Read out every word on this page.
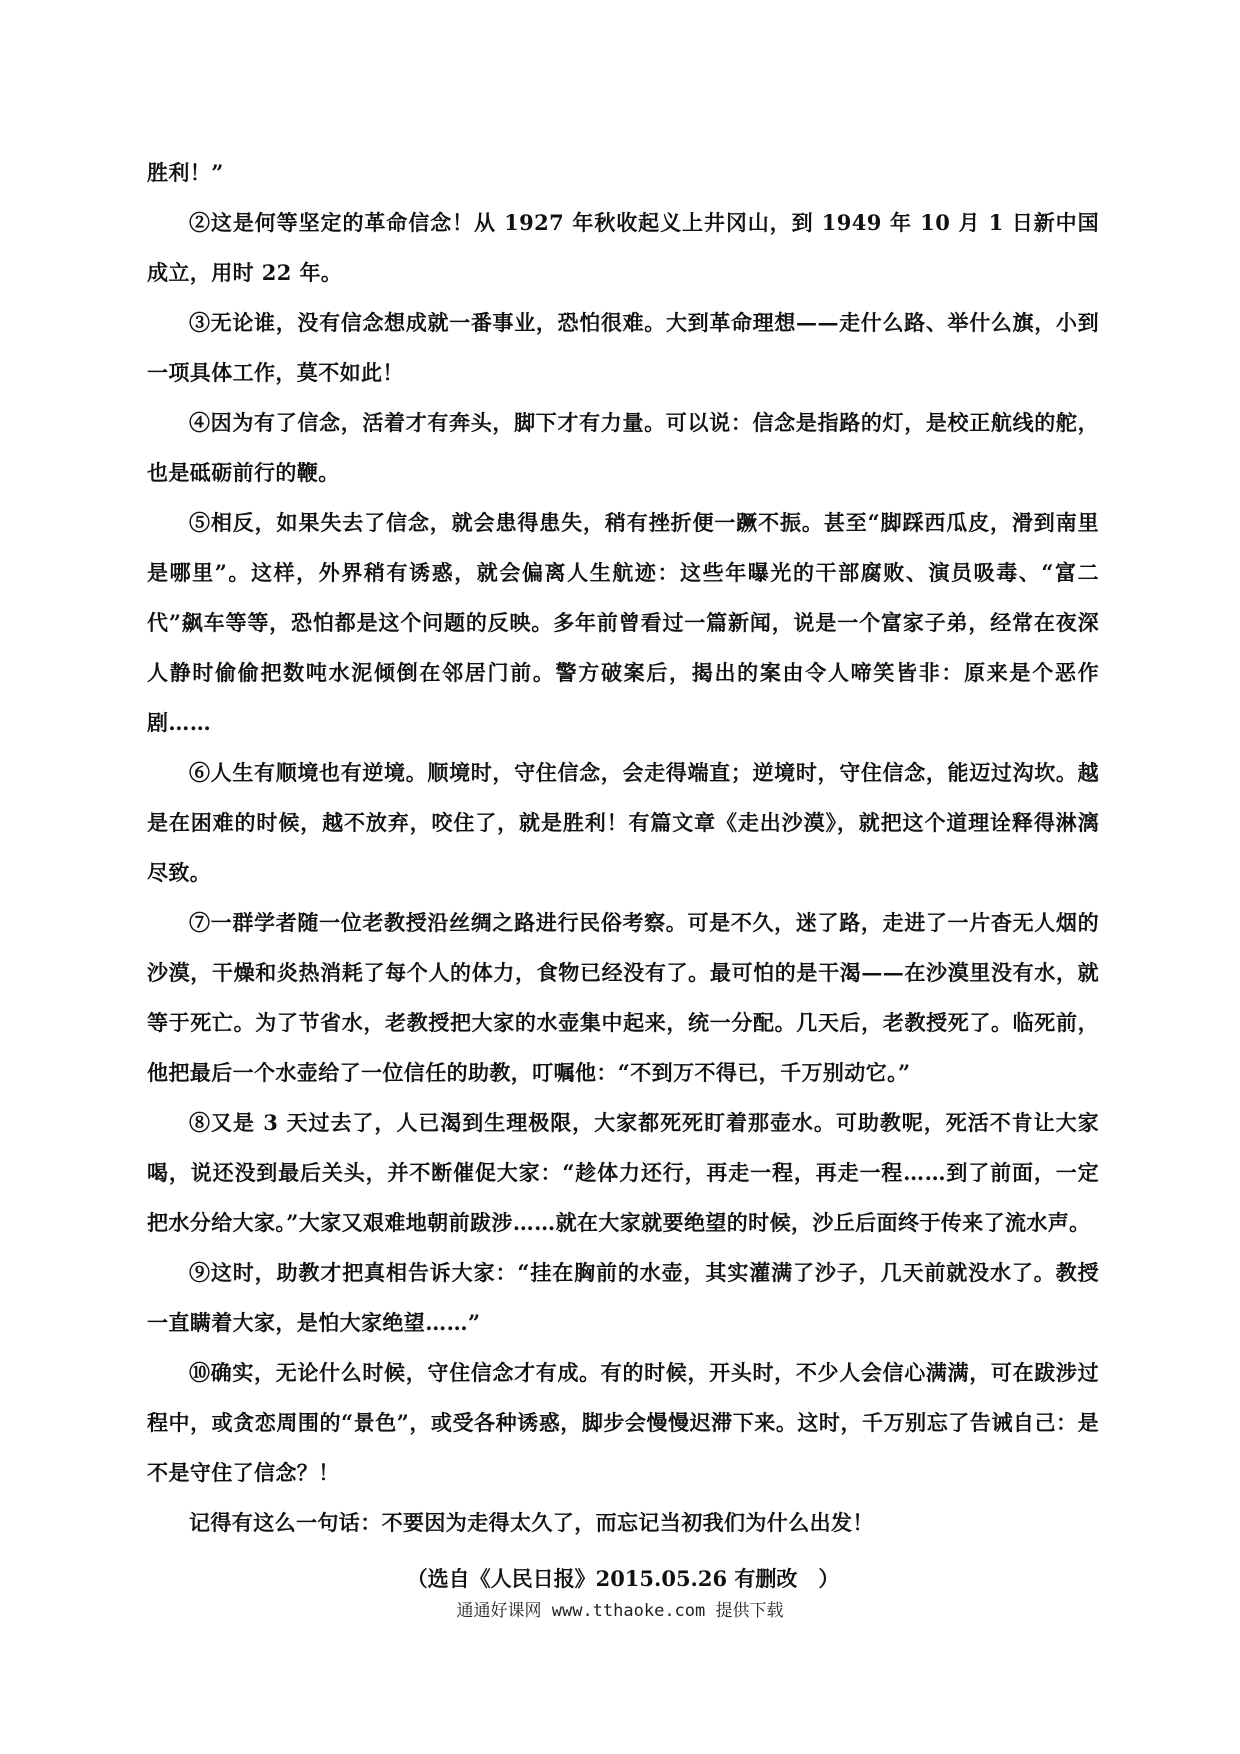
胜利！”

②这是何等坚定的革命信念！从 1927 年秋收起义上井冈山，到 1949 年 10 月 1 日新中国成立，用时 22 年。

③无论谁，没有信念想成就一番事业，恐怕很难。大到革命理想——走什么路、举什么旗，小到一项具体工作，莫不如此！

④因为有了信念，活着才有奔头，脚下才有力量。可以说：信念是指路的灯，是校正航线的舵，也是砥砺前行的鞭。

⑤相反，如果失去了信念，就会患得患失，稍有挫折便一蹶不振。甚至“脚踩西瓜皮，滑到南里是哪里”。这样，外界稍有诱惑，就会偏离人生航迹：这些年曝光的干部腐败、演员吸毒、“富二代”飙车等等，恐怕都是这个问题的反映。多年前曾看过一篇新闻，说是一个富家子弟，经常在夜深人静时偷偷把数吨水泥倾倒在邻居门前。警方破案后，揭出的案由令人啼笑皆非：原来是个恶作剧……

⑥人生有顺境也有逆境。顺境时，守住信念，会走得端直；逆境时，守住信念，能迈过沟坎。越是在困难的时候，越不放弃，咬住了，就是胜利！有篇文章《走出沙漠》，就把这个道理诠释得淋漓尽致。

⑦一群学者随一位老教授沿丝绸之路进行民俗考察。可是不久，迷了路，走进了一片杳无人烟的沙漠，干燥和炎热消耗了每个人的体力，食物已经没有了。最可怕的是干渴——在沙漠里没有水，就等于死亡。为了节省水，老教授把大家的水壶集中起来，统一分配。几天后，老教授死了。临死前，他把最后一个水壶给了一位信任的助教，叮嘱他：“不到万不得已，千万别动它。”

⑧又是 3 天过去了，人已渴到生理极限，大家都死死盯着那壶水。可助教呢，死活不肯让大家喝，说还没到最后关头，并不断催促大家：“趁体力还行，再走一程，再走一程……到了前面，一定把水分给大家。”大家又艰难地朝前跋涉……就在大家就要绝望的时候，沙丘后面终于传来了流水声。

⑨这时，助教才把真相告诉大家：“挂在胸前的水壶，其实灌满了沙子，几天前就没水了。教授一直瞒着大家，是怕大家绝望……”

⑩确实，无论什么时候，守住信念才有成。有的时候，开头时，不少人会信心满满，可在跋涉过程中，或贪恋周围的“景色”，或受各种诱惑，脚步会慢慢迟滞下来。这时，千万别忘了告诫自己：是不是守住了信念？！

记得有这么一句话：不要因为走得太久了，而忘记当初我们为什么出发！

（选自《人民日报》2015.05.26 有删改　）

通通好课网 www.tthaoke.com 提供下载
